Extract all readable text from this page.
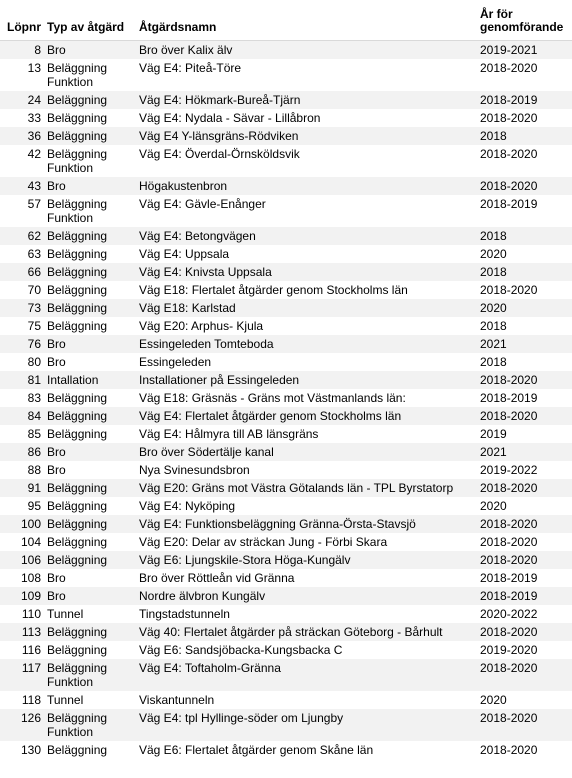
Löpnr	Typ av åtgärd	Åtgärdsnamn	År för
genomförande
8	Bro	Bro över Kalix älv	2019-2021
13	Beläggning
Funktion	Väg E4: Piteå-Töre	2018-2020
24	Beläggning	Väg E4: Hökmark-Bureå-Tjärn	2018-2019
33	Beläggning	Väg E4: Nydala - Sävar - Lillåbron	2018-2020
36	Beläggning	Väg E4 Y-länsgräns-Rödviken	2018
42	Beläggning
Funktion	Väg E4: Överdal-Örnsköldsvik	2018-2020
43	Bro	Högakustenbron	2018-2020
57	Beläggning
Funktion	Väg E4: Gävle-Enånger	2018-2019
62	Beläggning	Väg E4: Betongvägen	2018
63	Beläggning	Väg E4: Uppsala	2020
66	Beläggning	Väg E4: Knivsta Uppsala	2018
70	Beläggning	Väg E18: Flertalet åtgärder genom Stockholms län	2018-2020
73	Beläggning	Väg E18: Karlstad	2020
75	Beläggning	Väg E20: Arphus- Kjula	2018
76	Bro	Essingeleden Tomteboda	2021
80	Bro	Essingeleden	2018
81	Intallation	Installationer på Essingeleden	2018-2020
83	Beläggning	Väg E18: Gräsnäs - Gräns mot Västmanlands län:	2018-2019
84	Beläggning	Väg E4: Flertalet åtgärder genom Stockholms län	2018-2020
85	Beläggning	Väg E4: Hålmyra till AB länsgräns	2019
86	Bro	Bro över Södertälje kanal	2021
88	Bro	Nya Svinesundsbron	2019-2022
91	Beläggning	Väg E20: Gräns mot Västra Götalands län - TPL Byrstatorp	2018-2020
95	Beläggning	Väg E4: Nyköping	2020
100	Beläggning	Väg E4: Funktionsbeläggning Gränna-Örsta-Stavsjö	2018-2020
104	Beläggning	Väg E20: Delar av sträckan Jung - Förbi Skara	2018-2020
106	Beläggning	Väg E6: Ljungskile-Stora Höga-Kungälv	2018-2020
108	Bro	Bro över Röttleån vid Gränna	2018-2019
109	Bro	Nordre älvbron Kungälv	2018-2019
110	Tunnel	Tingstadstunneln	2020-2022
113	Beläggning	Väg 40: Flertalet åtgärder på sträckan Göteborg - Bårhult	2018-2020
116	Beläggning	Väg E6: Sandsjöbacka-Kungsbacka C	2019-2020
117	Beläggning
Funktion	Väg E4: Toftaholm-Gränna	2018-2020
118	Tunnel	Viskantunneln	2020
126	Beläggning
Funktion	Väg E4: tpl Hyllinge-söder om Ljungby	2018-2020
130	Beläggning	Väg E6: Flertalet åtgärder genom Skåne län	2018-2020
